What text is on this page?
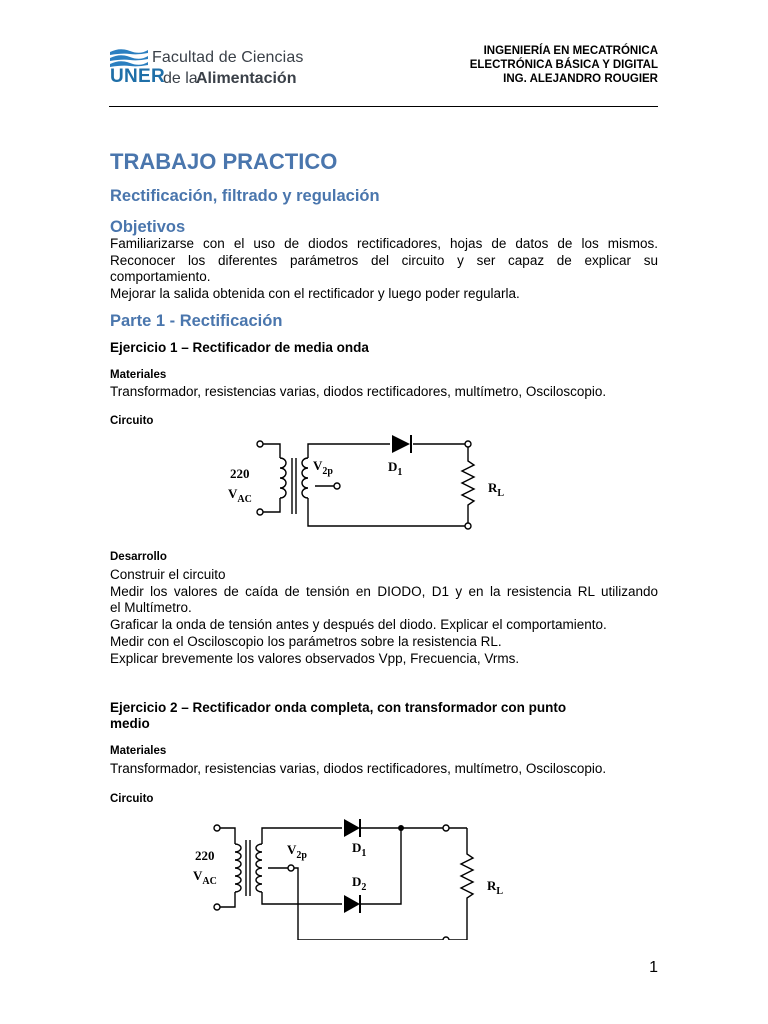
Facultad de Ciencias
UNER
de la
Alimentación
INGENIERÍA EN MECATRÓNICA
ELECTRÓNICA BÁSICA Y DIGITAL
ING. ALEJANDRO ROUGIER
TRABAJO PRACTICO
Rectificación, filtrado y regulación
Objetivos
Familiarizarse con el uso de diodos rectificadores, hojas de datos de los mismos.
Reconocer los diferentes parámetros del circuito y ser capaz de explicar su
comportamiento.
Mejorar la salida obtenida con el rectificador y luego poder regularla.
Parte 1 - Rectificación
Ejercicio 1 – Rectificador de media onda
Materiales
Transformador, resistencias varias, diodos rectificadores, multímetro, Osciloscopio.
Circuito
220
$V_{AC}$
$V_{2p}$	$D_1$
$R_L$
Desarrollo
Construir el circuito
Medir los valores de caída de tensión en DIODO, D1 y en la resistencia RL utilizando
el Multímetro.
Graficar la onda de tensión antes y después del diodo. Explicar el comportamiento.
Medir con el Osciloscopio los parámetros sobre la resistencia RL.
Explicar brevemente los valores observados Vpp, Frecuencia, Vrms.
Ejercicio 2 – Rectificador onda completa, con transformador con punto
medio
Materiales
Transformador, resistencias varias, diodos rectificadores, multímetro, Osciloscopio.
Circuito
220
$V_{AC}$
$V_{2p}$
$D_1$
$D_2$	$R_L$
1
